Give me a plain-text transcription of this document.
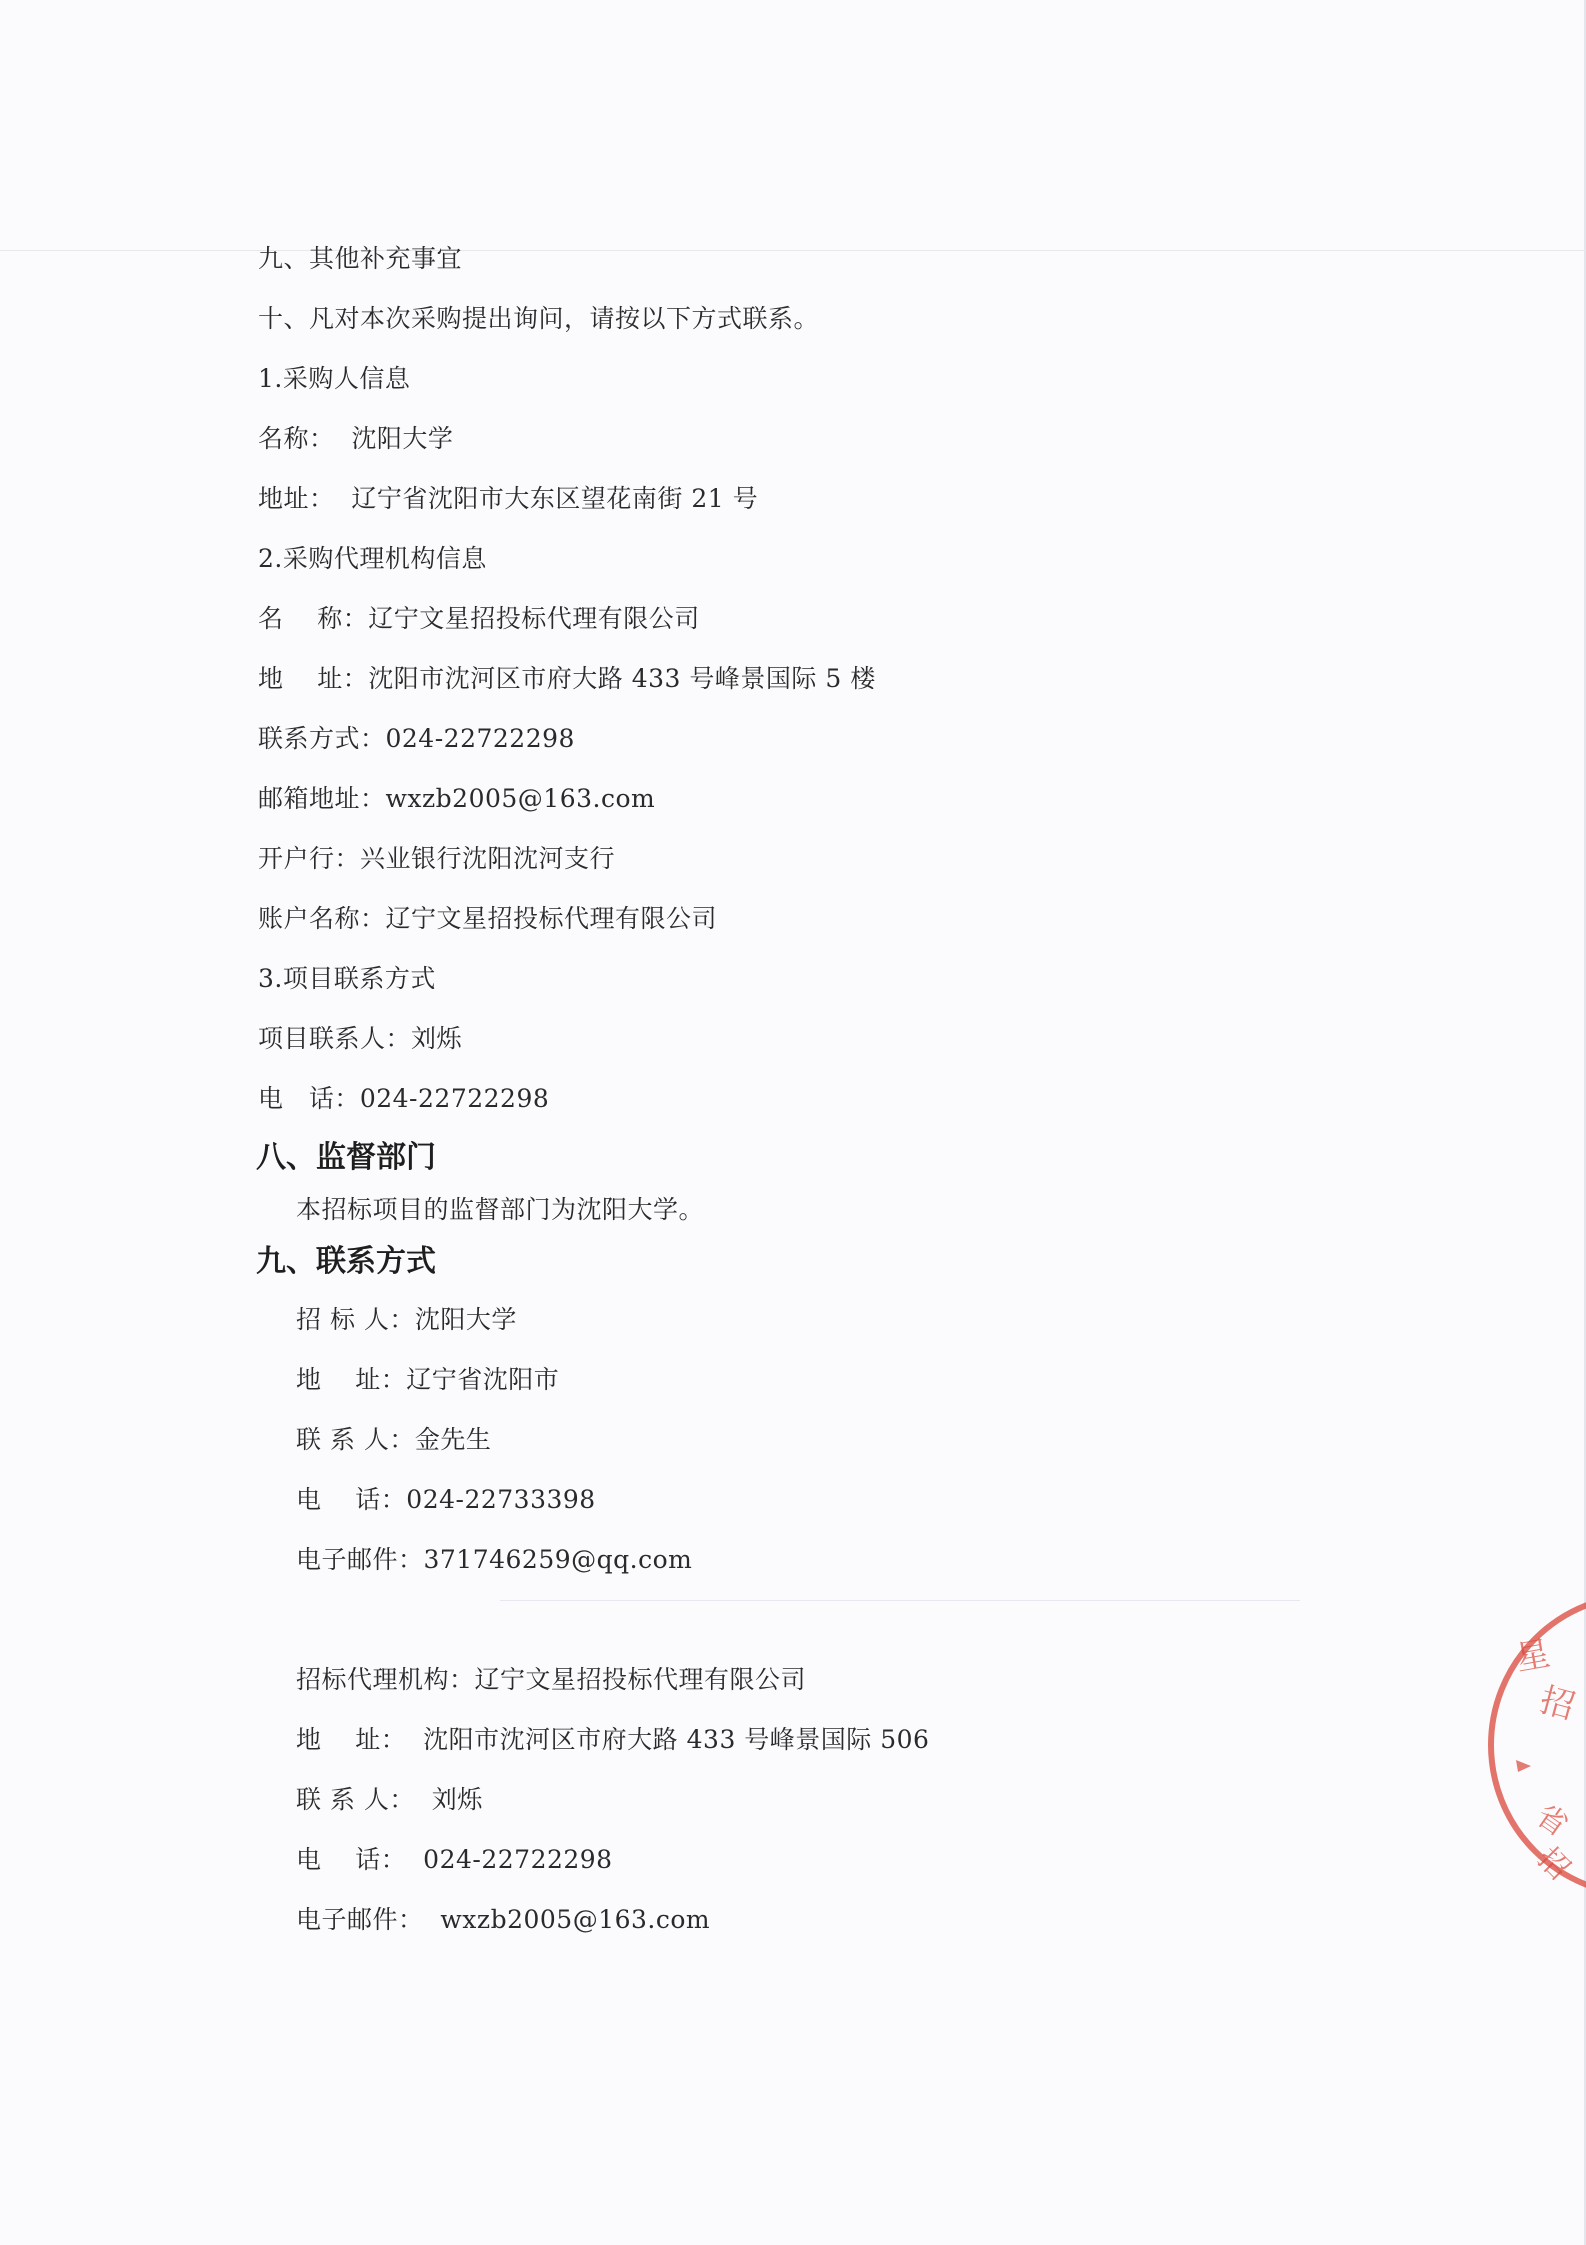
九、其他补充事宜
十、凡对本次采购提出询问，请按以下方式联系。
1.采购人信息
名称：  沈阳大学
地址：  辽宁省沈阳市大东区望花南街 21 号
2.采购代理机构信息
名    称：辽宁文星招投标代理有限公司
地    址：沈阳市沈河区市府大路 433 号峰景国际 5 楼
联系方式：024-22722298
邮箱地址：wxzb2005@163.com
开户行：兴业银行沈阳沈河支行
账户名称：辽宁文星招投标代理有限公司
3.项目联系方式
项目联系人：刘烁
电   话：024-22722298
八、监督部门
本招标项目的监督部门为沈阳大学。
九、联系方式
招 标 人：沈阳大学
地    址：辽宁省沈阳市
联 系 人：金先生
电    话：024-22733398
电子邮件：371746259@qq.com
招标代理机构：辽宁文星招投标代理有限公司
地    址：  沈阳市沈河区市府大路 433 号峰景国际 506
联 系 人：  刘烁
电    话：  024-22722298
电子邮件：  wxzb2005@163.com
星
招
省
招
